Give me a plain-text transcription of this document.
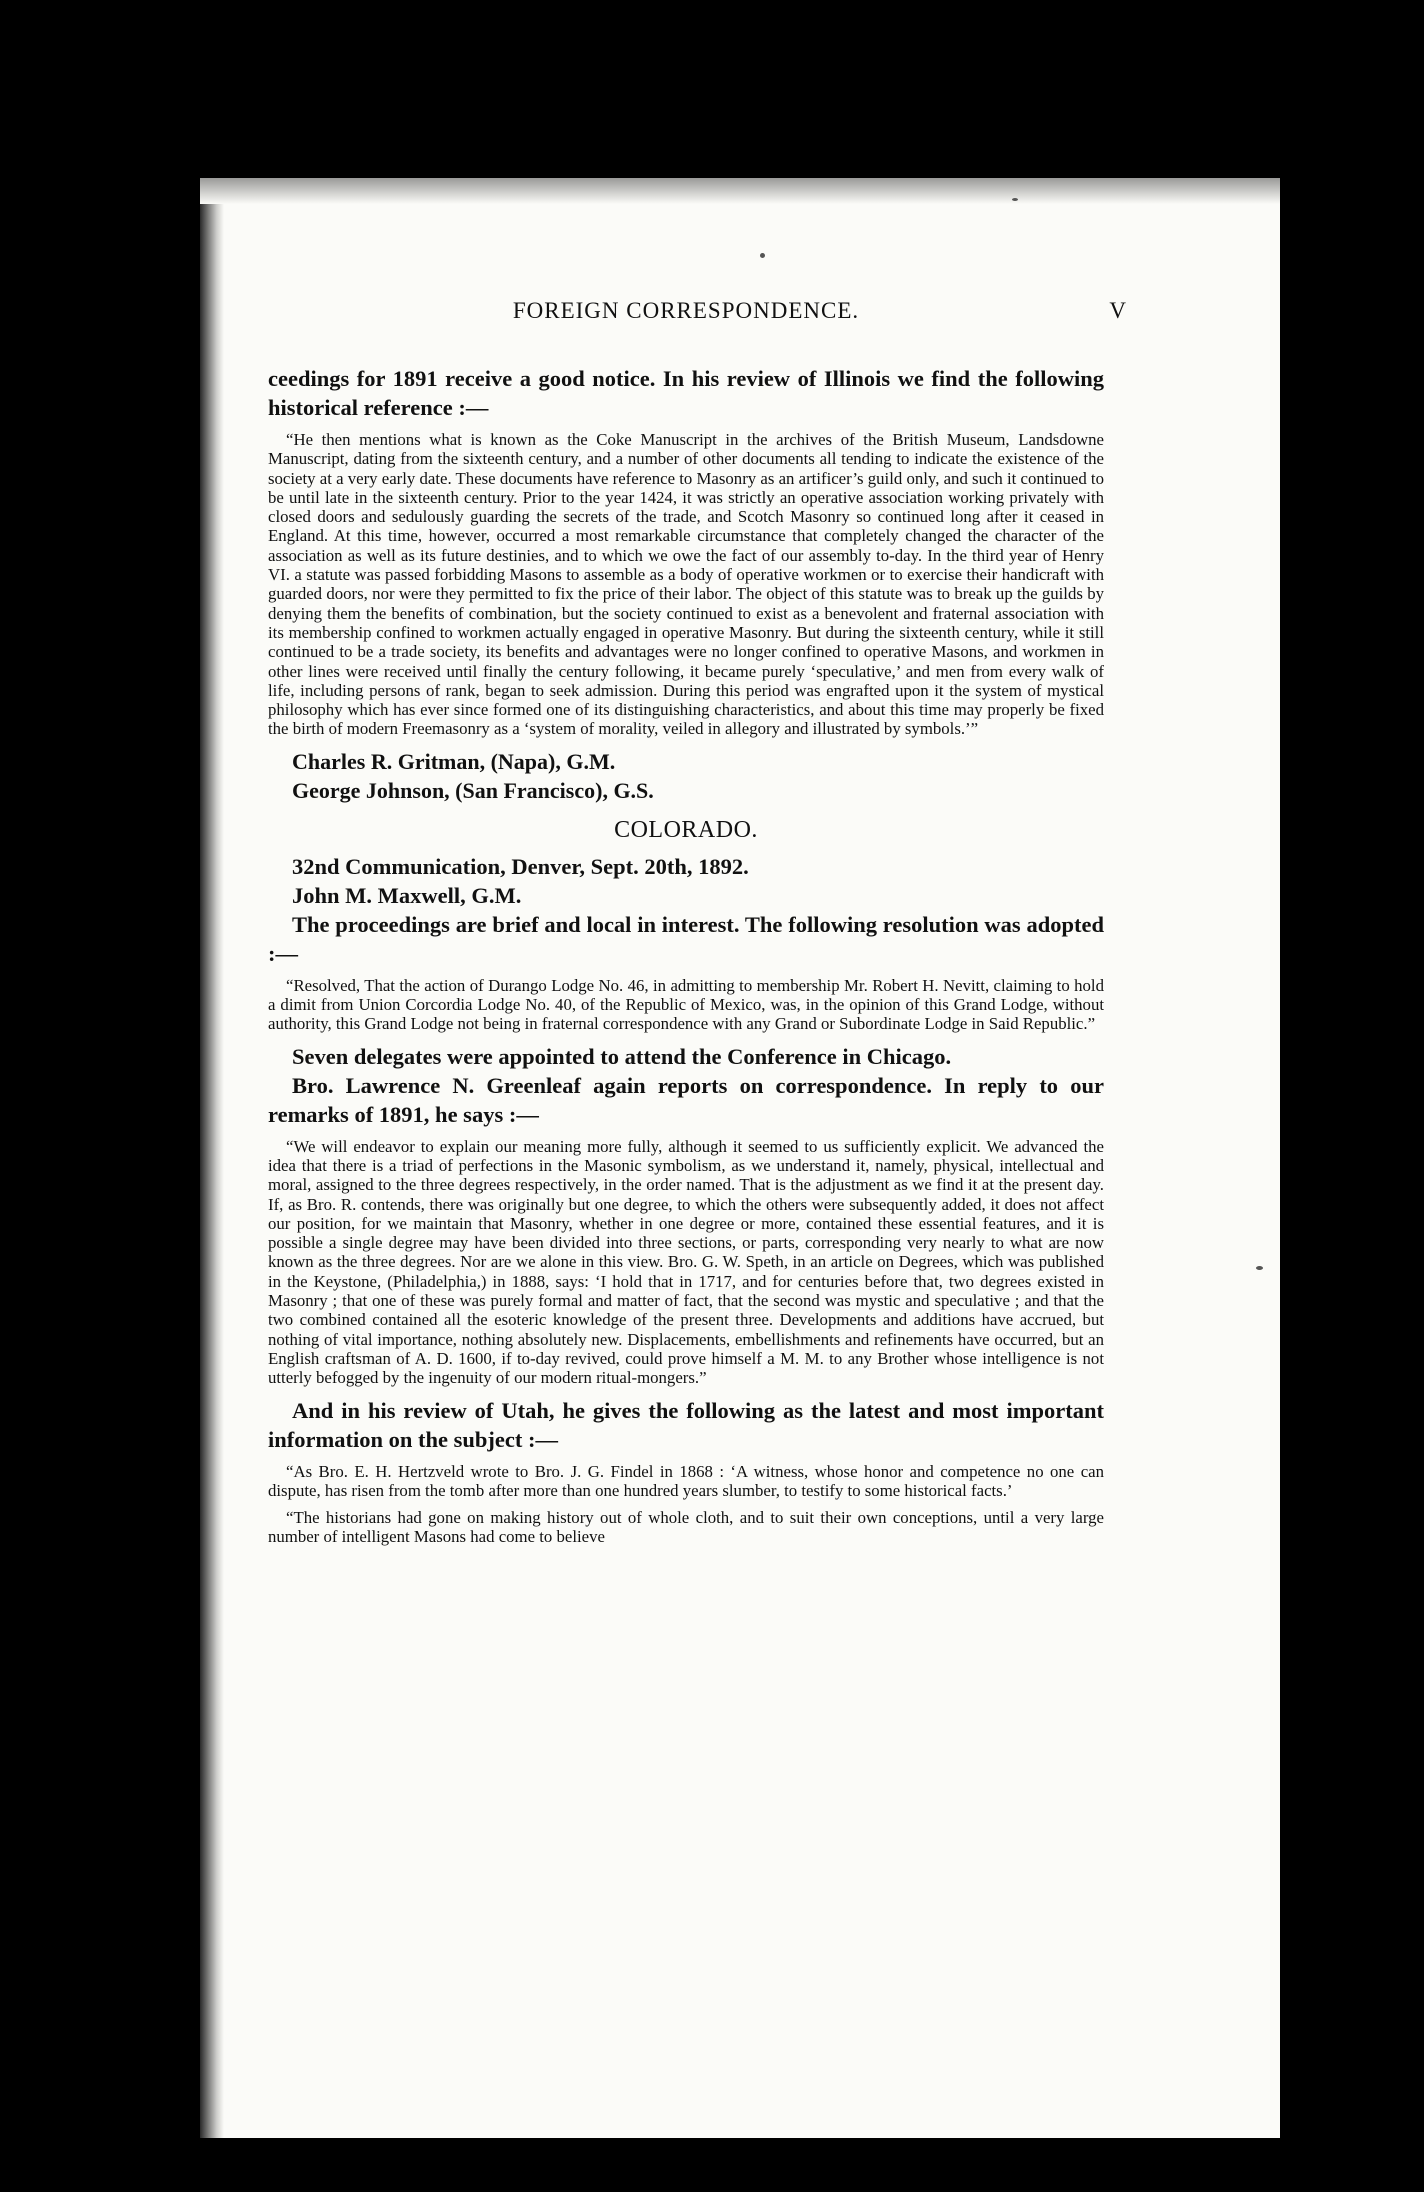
FOREIGN CORRESPONDENCE.	V

ceedings for 1891 receive a good notice. In his review of Illinois we find the following historical reference :—

“He then mentions what is known as the Coke Manuscript in the archives of the British Museum, Landsdowne Manuscript, dating from the sixteenth century, and a number of other documents all tending to indicate the existence of the society at a very early date. These documents have reference to Masonry as an artificer’s guild only, and such it continued to be until late in the sixteenth century. Prior to the year 1424, it was strictly an operative association working privately with closed doors and sedulously guarding the secrets of the trade, and Scotch Masonry so continued long after it ceased in England. At this time, however, occurred a most remarkable circumstance that completely changed the character of the association as well as its future destinies, and to which we owe the fact of our assembly to-day. In the third year of Henry VI. a statute was passed forbidding Masons to assemble as a body of operative workmen or to exercise their handicraft with guarded doors, nor were they permitted to fix the price of their labor. The object of this statute was to break up the guilds by denying them the benefits of combination, but the society continued to exist as a benevolent and fraternal association with its membership confined to workmen actually engaged in operative Masonry. But during the sixteenth century, while it still continued to be a trade society, its benefits and advantages were no longer confined to operative Masons, and workmen in other lines were received until finally the century following, it became purely ‘speculative,’ and men from every walk of life, including persons of rank, began to seek admission. During this period was engrafted upon it the system of mystical philosophy which has ever since formed one of its distinguishing characteristics, and about this time may properly be fixed the birth of modern Freemasonry as a ‘system of morality, veiled in allegory and illustrated by symbols.’”

Charles R. Gritman, (Napa), G.M.

George Johnson, (San Francisco), G.S.

COLORADO.

32nd Communication, Denver, Sept. 20th, 1892.

John M. Maxwell, G.M.

The proceedings are brief and local in interest. The following resolution was adopted :—

“Resolved, That the action of Durango Lodge No. 46, in admitting to membership Mr. Robert H. Nevitt, claiming to hold a dimit from Union Corcordia Lodge No. 40, of the Republic of Mexico, was, in the opinion of this Grand Lodge, without authority, this Grand Lodge not being in fraternal correspondence with any Grand or Subordinate Lodge in Said Republic.”

Seven delegates were appointed to attend the Conference in Chicago.

Bro. Lawrence N. Greenleaf again reports on correspondence. In reply to our remarks of 1891, he says :—

“We will endeavor to explain our meaning more fully, although it seemed to us sufficiently explicit. We advanced the idea that there is a triad of perfections in the Masonic symbolism, as we understand it, namely, physical, intellectual and moral, assigned to the three degrees respectively, in the order named. That is the adjustment as we find it at the present day. If, as Bro. R. contends, there was originally but one degree, to which the others were subsequently added, it does not affect our position, for we maintain that Masonry, whether in one degree or more, contained these essential features, and it is possible a single degree may have been divided into three sections, or parts, corresponding very nearly to what are now known as the three degrees. Nor are we alone in this view. Bro. G. W. Speth, in an article on Degrees, which was published in the Keystone, (Philadelphia,) in 1888, says: ‘I hold that in 1717, and for centuries before that, two degrees existed in Masonry ; that one of these was purely formal and matter of fact, that the second was mystic and speculative ; and that the two combined contained all the esoteric knowledge of the present three. Developments and additions have accrued, but nothing of vital importance, nothing absolutely new. Displacements, embellishments and refinements have occurred, but an English craftsman of A. D. 1600, if to-day revived, could prove himself a M. M. to any Brother whose intelligence is not utterly befogged by the ingenuity of our modern ritual-mongers.”

And in his review of Utah, he gives the following as the latest and most important information on the subject :—

“As Bro. E. H. Hertzveld wrote to Bro. J. G. Findel in 1868 : ‘A witness, whose honor and competence no one can dispute, has risen from the tomb after more than one hundred years slumber, to testify to some historical facts.’

“The historians had gone on making history out of whole cloth, and to suit their own conceptions, until a very large number of intelligent Masons had come to believe
